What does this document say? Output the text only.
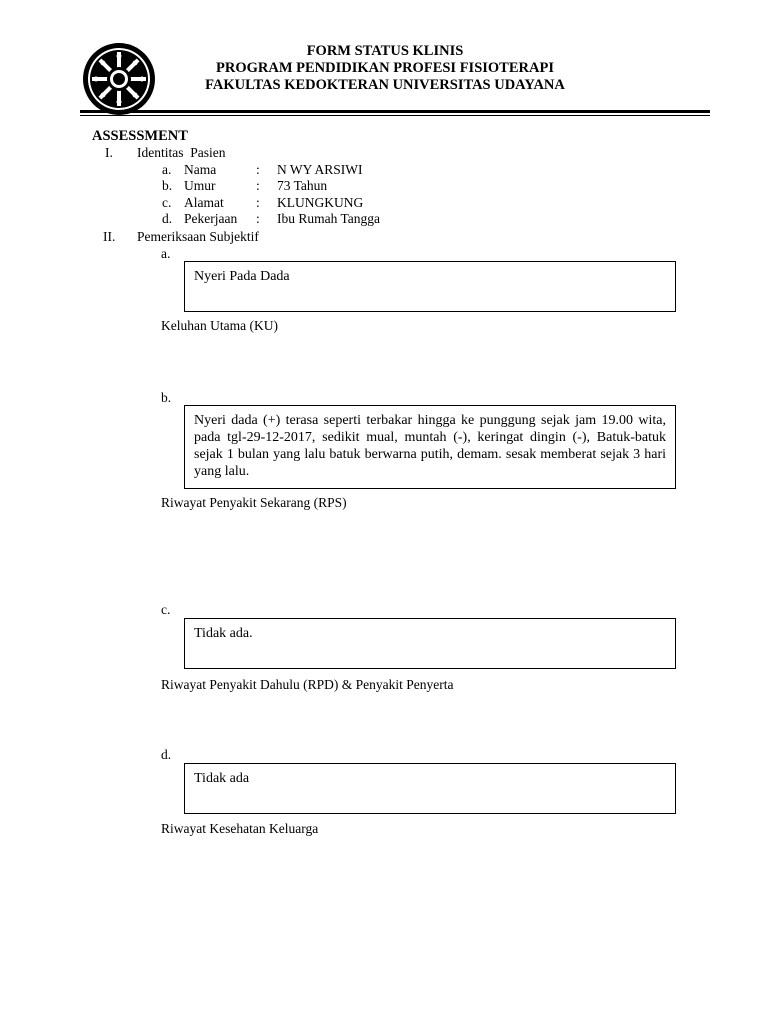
FORM STATUS KLINIS
PROGRAM PENDIDIKAN PROFESI FISIOTERAPI
FAKULTAS KEDOKTERAN UNIVERSITAS UDAYANA
ASSESSMENT
I. Identitas  Pasien
a. Nama	: N WY ARSIWI
b. Umur	: 73 Tahun
c. Alamat : KLUNGKUNG
d. Pekerjaan : Ibu Rumah Tangga
II. Pemeriksaan Subjektif
a.
Nyeri Pada Dada
Keluhan Utama (KU)
b.
Nyeri dada (+) terasa seperti terbakar hingga ke punggung sejak jam 19.00 wita, pada tgl-29-12-2017, sedikit mual, muntah (-), keringat dingin (-), Batuk-batuk sejak 1 bulan yang lalu batuk berwarna putih, demam. sesak memberat sejak 3 hari yang lalu.
Riwayat Penyakit Sekarang (RPS)
c.
Tidak ada.
Riwayat Penyakit Dahulu (RPD) & Penyakit Penyerta
d.
Tidak ada
Riwayat Kesehatan Keluarga
